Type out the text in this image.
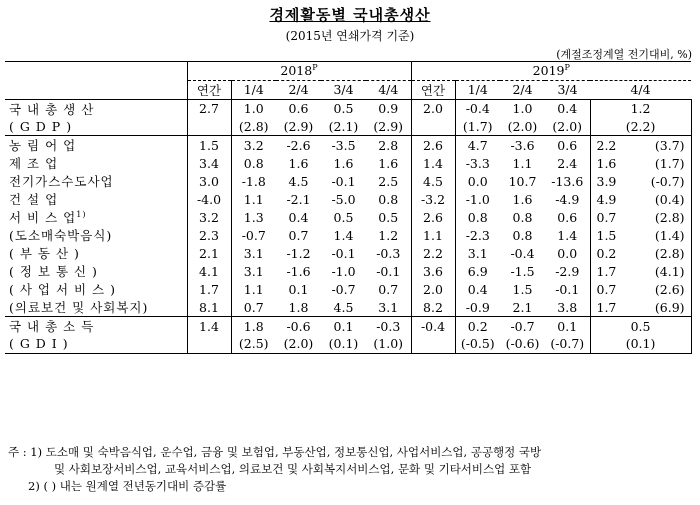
경제활동별 국내총생산
(2015년 연쇄가격 기준)
(계절조정계열 전기대비, %)
	$2018^P$					$2019^P$
	연간	1/4	2/4	3/4	4/4	연간	1/4	2/4	3/4	4/4
국 내 총 생 산	2.7	1.0	0.6	0.5	0.9	2.0	-0.4	1.0	0.4	1.2

( G D P )		(2.8)	(2.9)	(2.1)	(2.9)		(1.7)	(2.0)	(2.0)	(2.2)

농 림 어 업	1.5	3.2	-2.6	-3.5	2.8	2.6	4.7	-3.6	0.6	2.2 (3.7)

제 조 업	3.4	0.8	1.6	1.6	1.6	1.4	-3.3	1.1	2.4	1.6 (1.7)

전기가스수도사업	3.0	-1.8	4.5	-0.1	2.5	4.5	0.0	10.7	-13.6	3.9 (-0.7)

건 설 업	-4.0	1.1	-2.1	-5.0	0.8	-3.2	-1.0	1.6	-4.9	4.9 (0.4)

서 비 스 업$^{1)}$	3.2	1.3	0.4	0.5	0.5	2.6	0.8	0.8	0.6	0.7 (2.8)

(도소매숙박음식)	2.3	-0.7	0.7	1.4	1.2	1.1	-2.3	0.8	1.4	1.5 (1.4)

( 부 동 산 )	2.1	3.1	-1.2	-0.1	-0.3	2.2	3.1	-0.4	0.0	0.2 (2.8)

( 정 보 통 신 )	4.1	3.1	-1.6	-1.0	-0.1	3.6	6.9	-1.5	-2.9	1.7 (4.1)

( 사 업 서 비 스 )	1.7	1.1	0.1	-0.7	0.7	2.0	0.4	1.5	-0.1	0.7 (2.6)

(의료보건 및 사회복지)	8.1	0.7	1.8	4.5	3.1	8.2	-0.9	2.1	3.8	1.7 (6.9)

국 내 총 소 득	1.4	1.8	-0.6	0.1	-0.3	-0.4	0.2	-0.7	0.1	0.5

( G D I )		(2.5)	(2.0)	(0.1)	(1.0)		(-0.5)	(-0.6)	(-0.7)	(0.1)
주 : 1) 도소매 및 숙박음식업, 운수업, 금융 및 보험업, 부동산업, 정보통신업, 사업서비스업, 공공행정 국방
및 사회보장서비스업, 교육서비스업, 의료보건 및 사회복지서비스업, 문화 및 기타서비스업 포함
2) ( ) 내는 원계열 전년동기대비 증감률
